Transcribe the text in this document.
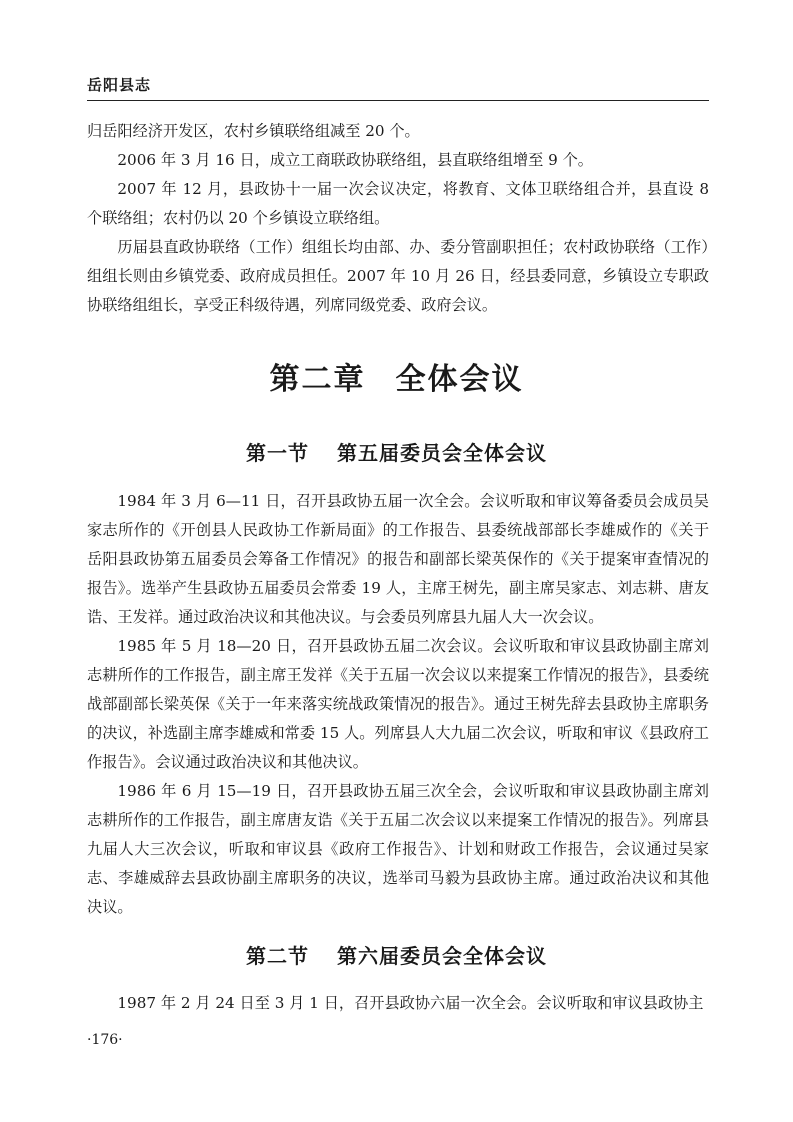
岳阳县志

归岳阳经济开发区，农村乡镇联络组减至 20 个。

2006 年 3 月 16 日，成立工商联政协联络组，县直联络组增至 9 个。

2007 年 12 月，县政协十一届一次会议决定，将教育、文体卫联络组合并，县直设 8 个联络组；农村仍以 20 个乡镇设立联络组。

历届县直政协联络（工作）组组长均由部、办、委分管副职担任；农村政协联络（工作）组组长则由乡镇党委、政府成员担任。2007 年 10 月 26 日，经县委同意，乡镇设立专职政协联络组组长，享受正科级待遇，列席同级党委、政府会议。

第二章 全体会议
第一节 第五届委员会全体会议

1984 年 3 月 6—11 日，召开县政协五届一次全会。会议听取和审议筹备委员会成员吴家志所作的《开创县人民政协工作新局面》的工作报告、县委统战部部长李雄威作的《关于岳阳县政协第五届委员会筹备工作情况》的报告和副部长梁英保作的《关于提案审查情况的报告》。选举产生县政协五届委员会常委 19 人，主席王树先，副主席吴家志、刘志耕、唐友诰、王发祥。通过政治决议和其他决议。与会委员列席县九届人大一次会议。

1985 年 5 月 18—20 日，召开县政协五届二次会议。会议听取和审议县政协副主席刘志耕所作的工作报告，副主席王发祥《关于五届一次会议以来提案工作情况的报告》，县委统战部副部长梁英保《关于一年来落实统战政策情况的报告》。通过王树先辞去县政协主席职务的决议，补选副主席李雄威和常委 15 人。列席县人大九届二次会议，听取和审议《县政府工作报告》。会议通过政治决议和其他决议。

1986 年 6 月 15—19 日，召开县政协五届三次全会，会议听取和审议县政协副主席刘志耕所作的工作报告，副主席唐友诰《关于五届二次会议以来提案工作情况的报告》。列席县九届人大三次会议，听取和审议县《政府工作报告》、计划和财政工作报告，会议通过吴家志、李雄威辞去县政协副主席职务的决议，选举司马毅为县政协主席。通过政治决议和其他决议。

第二节 第六届委员会全体会议

1987 年 2 月 24 日至 3 月 1 日，召开县政协六届一次全会。会议听取和审议县政协主

·176·
